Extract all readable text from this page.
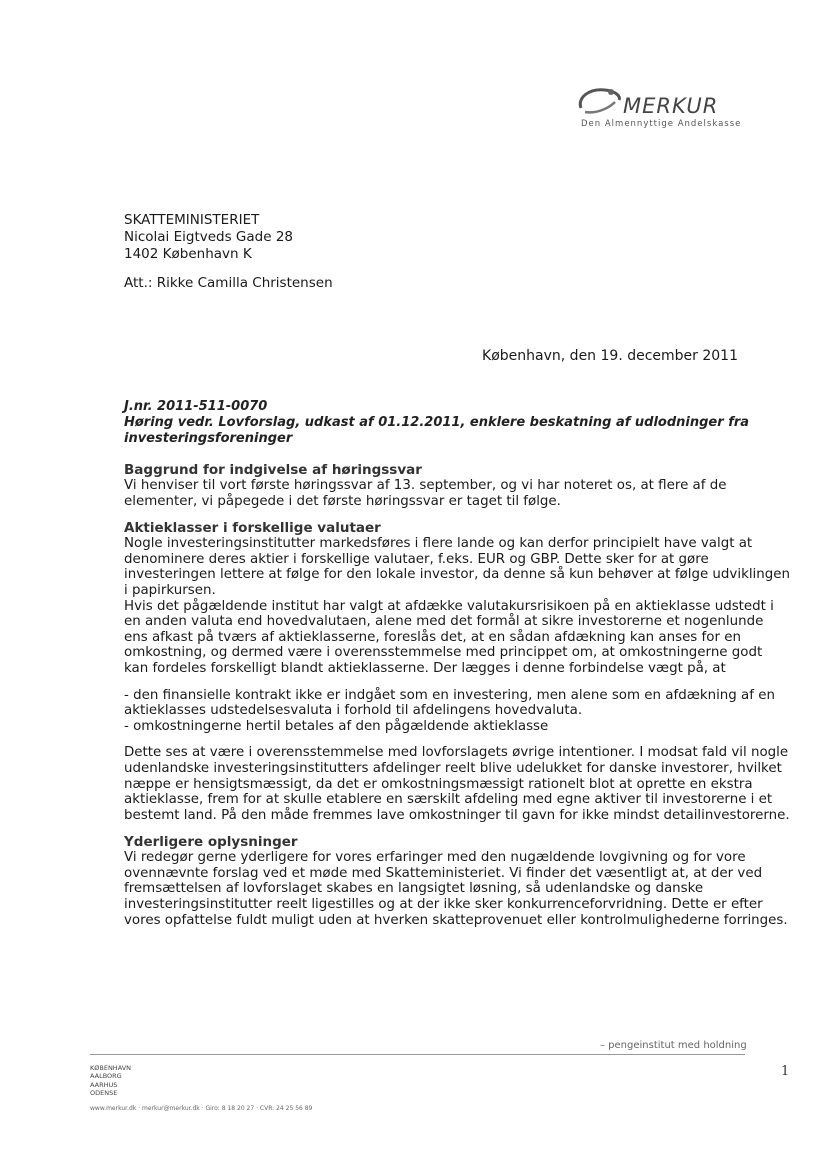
MERKUR
Den Almennyttige Andelskasse
SKATTEMINISTERIET
Nicolai Eigtveds Gade 28
1402 København K
Att.: Rikke Camilla Christensen
København, den 19. december 2011
J.nr. 2011-511-0070
Høring vedr. Lovforslag, udkast af 01.12.2011, enklere beskatning af udlodninger fra investeringsforeninger
Baggrund for indgivelse af høringssvar

Vi henviser til vort første høringssvar af 13. september, og vi har noteret os, at flere af de elementer, vi påpegede i det første høringssvar er taget til følge.

Aktieklasser i forskellige valutaer

Nogle investeringsinstitutter markedsføres i flere lande og kan derfor principielt have valgt at denominere deres aktier i forskellige valutaer, f.eks. EUR og GBP. Dette sker for at gøre investeringen lettere at følge for den lokale investor, da denne så kun behøver at følge udviklingen i papirkursen.

Hvis det pågældende institut har valgt at afdække valutakursrisikoen på en aktieklasse udstedt i en anden valuta end hovedvalutaen, alene med det formål at sikre investorerne et nogenlunde ens afkast på tværs af aktieklasserne, foreslås det, at en sådan afdækning kan anses for en omkostning, og dermed være i overensstemmelse med princippet om, at omkostningerne godt kan fordeles forskelligt blandt aktieklasserne. Der lægges i denne forbindelse vægt på, at

- den finansielle kontrakt ikke er indgået som en investering, men alene som en afdækning af en aktieklasses udstedelsesvaluta i forhold til afdelingens hovedvaluta.

- omkostningerne hertil betales af den pågældende aktieklasse

Dette ses at være i overensstemmelse med lovforslagets øvrige intentioner. I modsat fald vil nogle udenlandske investeringsinstitutters afdelinger reelt blive udelukket for danske investorer, hvilket næppe er hensigtsmæssigt, da det er omkostningsmæssigt rationelt blot at oprette en ekstra aktieklasse, frem for at skulle etablere en særskilt afdeling med egne aktiver til investorerne i et bestemt land. På den måde fremmes lave omkostninger til gavn for ikke mindst detailinvestorerne.

Yderligere oplysninger

Vi redegør gerne yderligere for vores erfaringer med den nugældende lovgivning og for vore ovennævnte forslag ved et møde med Skatteministeriet. Vi finder det væsentligt at, at der ved fremsættelsen af lovforslaget skabes en langsigtet løsning, så udenlandske og danske investeringsinstitutter reelt ligestilles og at der ikke sker konkurrenceforvridning. Dette er efter vores opfattelse fuldt muligt uden at hverken skatteprovenuet eller kontrolmulighederne forringes.

– pengeinstitut med holdning
KØBENHAVN
AALBORG
AARHUS
ODENSE
www.merkur.dk · merkur@merkur.dk · Giro: 8 18 20 27 · CVR: 24 25 56 89
1
